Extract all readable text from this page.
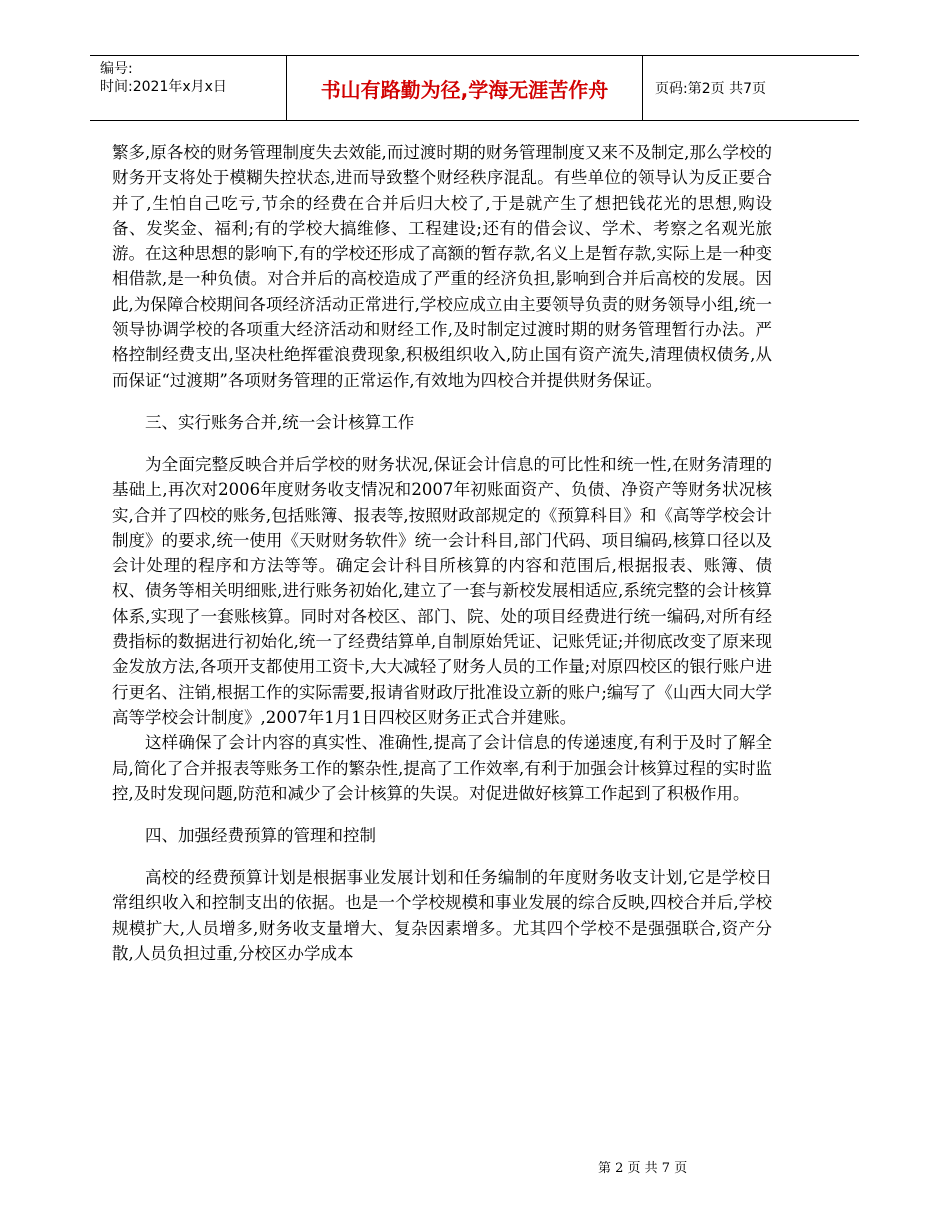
编号:
时间:2021年x月x日	书山有路勤为径,学海无涯苦作舟	页码:第2页 共7页

繁多,原各校的财务管理制度失去效能,而过渡时期的财务管理制度又来不及制定,那么学校的财务开支将处于模糊失控状态,进而导致整个财经秩序混乱。有些单位的领导认为反正要合并了,生怕自己吃亏,节余的经费在合并后归大校了,于是就产生了想把钱花光的思想,购设备、发奖金、福利;有的学校大搞维修、工程建设;还有的借会议、学术、考察之名观光旅游。在这种思想的影响下,有的学校还形成了高额的暂存款,名义上是暂存款,实际上是一种变相借款,是一种负债。对合并后的高校造成了严重的经济负担,影响到合并后高校的发展。因此,为保障合校期间各项经济活动正常进行,学校应成立由主要领导负责的财务领导小组,统一领导协调学校的各项重大经济活动和财经工作,及时制定过渡时期的财务管理暂行办法。严格控制经费支出,坚决杜绝挥霍浪费现象,积极组织收入,防止国有资产流失,清理债权债务,从而保证“过渡期”各项财务管理的正常运作,有效地为四校合并提供财务保证。

三、实行账务合并,统一会计核算工作

为全面完整反映合并后学校的财务状况,保证会计信息的可比性和统一性,在财务清理的基础上,再次对2006年度财务收支情况和2007年初账面资产、负债、净资产等财务状况核实,合并了四校的账务,包括账簿、报表等,按照财政部规定的《预算科目》和《高等学校会计制度》的要求,统一使用《天财财务软件》统一会计科目,部门代码、项目编码,核算口径以及会计处理的程序和方法等等。确定会计科目所核算的内容和范围后,根据报表、账簿、债权、债务等相关明细账,进行账务初始化,建立了一套与新校发展相适应,系统完整的会计核算体系,实现了一套账核算。同时对各校区、部门、院、处的项目经费进行统一编码,对所有经费指标的数据进行初始化,统一了经费结算单,自制原始凭证、记账凭证;并彻底改变了原来现金发放方法,各项开支都使用工资卡,大大减轻了财务人员的工作量;对原四校区的银行账户进行更名、注销,根据工作的实际需要,报请省财政厅批准设立新的账户;编写了《山西大同大学高等学校会计制度》,2007年1月1日四校区财务正式合并建账。

这样确保了会计内容的真实性、准确性,提高了会计信息的传递速度,有利于及时了解全局,简化了合并报表等账务工作的繁杂性,提高了工作效率,有利于加强会计核算过程的实时监控,及时发现问题,防范和减少了会计核算的失误。对促进做好核算工作起到了积极作用。

四、加强经费预算的管理和控制

高校的经费预算计划是根据事业发展计划和任务编制的年度财务收支计划,它是学校日常组织收入和控制支出的依据。也是一个学校规模和事业发展的综合反映,四校合并后,学校规模扩大,人员增多,财务收支量增大、复杂因素增多。尤其四个学校不是强强联合,资产分散,人员负担过重,分校区办学成本

第 2 页 共 7 页
